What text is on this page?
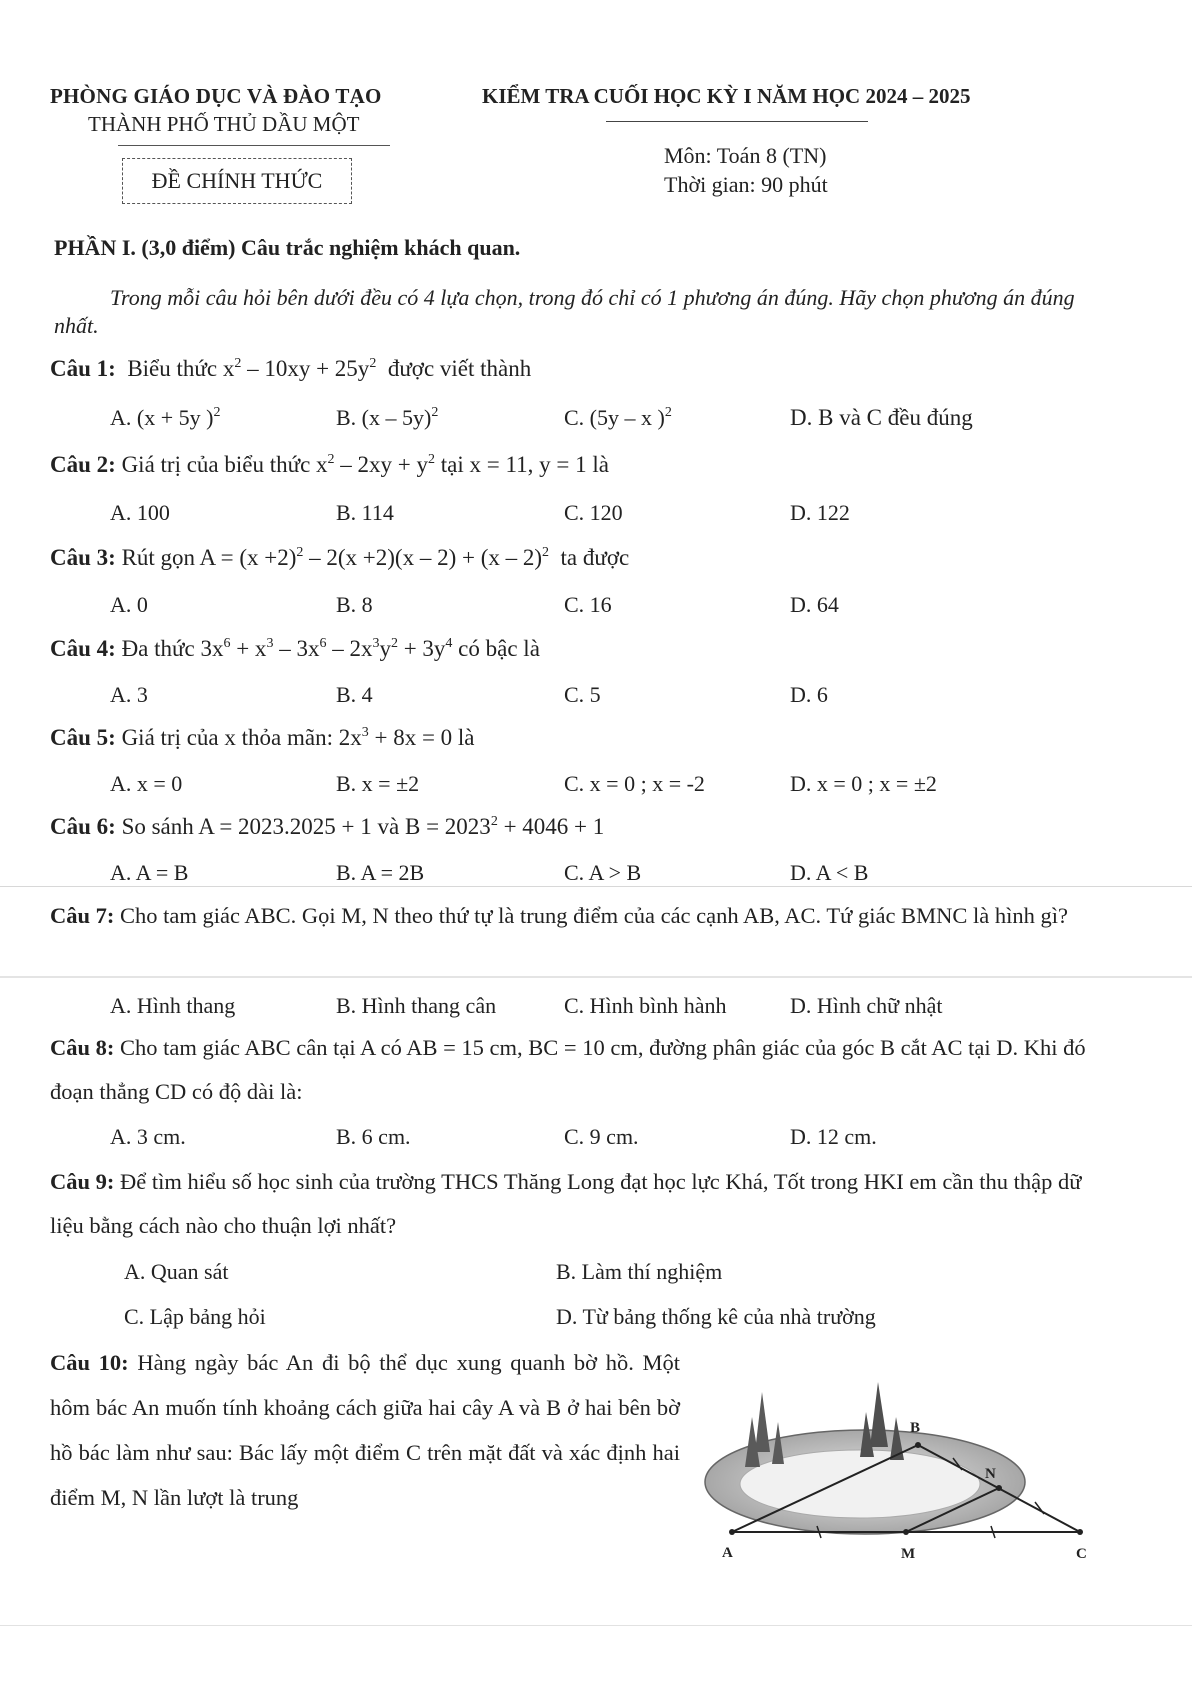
PHÒNG GIÁO DỤC VÀ ĐÀO TẠO
THÀNH PHỐ THỦ DẦU MỘT
KIỂM TRA CUỐI HỌC KỲ I NĂM HỌC 2024 – 2025
ĐỀ CHÍNH THỨC
Môn: Toán 8 (TN)
Thời gian: 90 phút
PHẦN I. (3,0 điểm) Câu trắc nghiệm khách quan.
Trong mỗi câu hỏi bên dưới đều có 4 lựa chọn, trong đó chỉ có 1 phương án đúng. Hãy chọn phương án đúng nhất.
Câu 1:  Biểu thức $x^2 - 10xy + 25y^2$  được viết thành
A. (x + 5y )$^2$	B. (x – 5y)$^2$	C. (5y – x )$^2$	D. B và C đều đúng
Câu 2: Giá trị của biểu thức $x^2 - 2xy + y^2$ tại x = 11, y = 1 là
A. 100	B. 114	C. 120	D. 122
Câu 3: Rút gọn $A = (x +2)^2 - 2(x +2)(x - 2) + (x - 2)^2$  ta được
A. 0	B. 8	C. 16	D. 64
Câu 4: Đa thức $3x^6 + x^3 - 3x^6 - 2x^3y^2 + 3y^4$ có bậc là
A. 3	B. 4	C. 5	D. 6
Câu 5: Giá trị của x thỏa mãn: $2x^3 + 8x = 0$ là
A. x = 0	B. x = ±2	C. x = 0 ; x = -2	D. x = 0 ; x = ±2
Câu 6: So sánh A = 2023.2025 + 1 và $B = 2023^2 + 4046 + 1$
A. A = B	B. A = 2B	C. A > B	D. A < B
Câu 7: Cho tam giác ABC. Gọi M, N theo thứ tự là trung điểm của các cạnh AB, AC. Tứ giác BMNC là hình gì?
A. Hình thang	B. Hình thang cân	C. Hình bình hành	D. Hình chữ nhật
Câu 8: Cho tam giác ABC cân tại A có AB = 15 cm, BC = 10 cm, đường phân giác của góc B cắt AC tại D. Khi đó đoạn thẳng CD có độ dài là:
A. 3 cm.	B. 6 cm.	C. 9 cm.	D. 12 cm.
Câu 9: Để tìm hiểu số học sinh của trường THCS Thăng Long đạt học lực Khá, Tốt trong HKI em cần thu thập dữ liệu bằng cách nào cho thuận lợi nhất?
A. Quan sát	B. Làm thí nghiệm
C. Lập bảng hỏi	D. Từ bảng thống kê của nhà trường
Câu 10: Hàng ngày bác An đi bộ thể dục xung quanh bờ hồ. Một hôm bác An muốn tính khoảng cách giữa hai cây A và B ở hai bên bờ hồ bác làm như sau: Bác lấy một điểm C trên mặt đất và xác định hai điểm M, N lần lượt là trung
A
B
C
M
N
